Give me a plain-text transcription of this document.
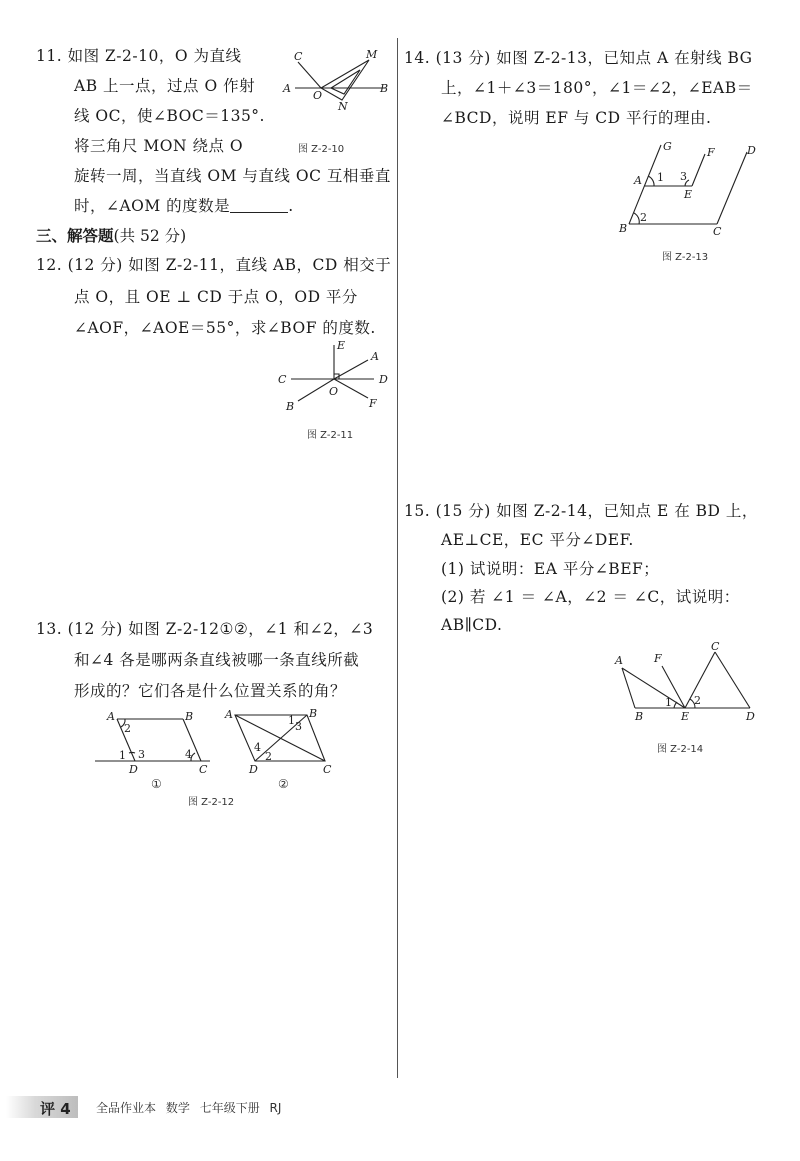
11. 如图 Z-2-10，O 为直线
AB 上一点，过点 O 作射
线 OC，使∠BOC＝135°.
将三角尺 MON 绕点 O
旋转一周，当直线 OM 与直线 OC 互相垂直
时，∠AOM 的度数是	.
A
C
O
M
B
N
图 Z-2-10
三、解答题(共 52 分)
12. (12 分) 如图 Z-2-11，直线 AB，CD 相交于
点 O，且 OE ⊥ CD 于点 O，OD 平分
∠AOF，∠AOE＝55°，求∠BOF 的度数.
C
E
A
D
O
B	F
图 Z-2-11
13. (12 分) 如图 Z-2-12①②，∠1 和∠2，∠3
和∠4 各是哪两条直线被哪一条直线所截
形成的？它们各是什么位置关系的角？
A	B
D	C
2
1 3	4
A	B
D	C
1
2
3
4
①	②
图 Z-2-12
14. (13 分) 如图 Z-2-13，已知点 A 在射线 BG
上，∠1＋∠3＝180°，∠1＝∠2，∠EAB＝
∠BCD，说明 EF 与 CD 平行的理由.
G	F	D
A 1 3
E
2
B	C
图 Z-2-13
15. (15 分) 如图 Z-2-14，已知点 E 在 BD 上，
AE⊥CE，EC 平分∠DEF.
(1) 试说明：EA 平分∠BEF；
(2) 若 ∠1 ＝ ∠A，∠2 ＝ ∠C，试说明：
AB∥CD.
A	F
C
1 2
B	E	D
图 Z-2-14
评 4 全品作业本 数学 七年级下册 RJ
